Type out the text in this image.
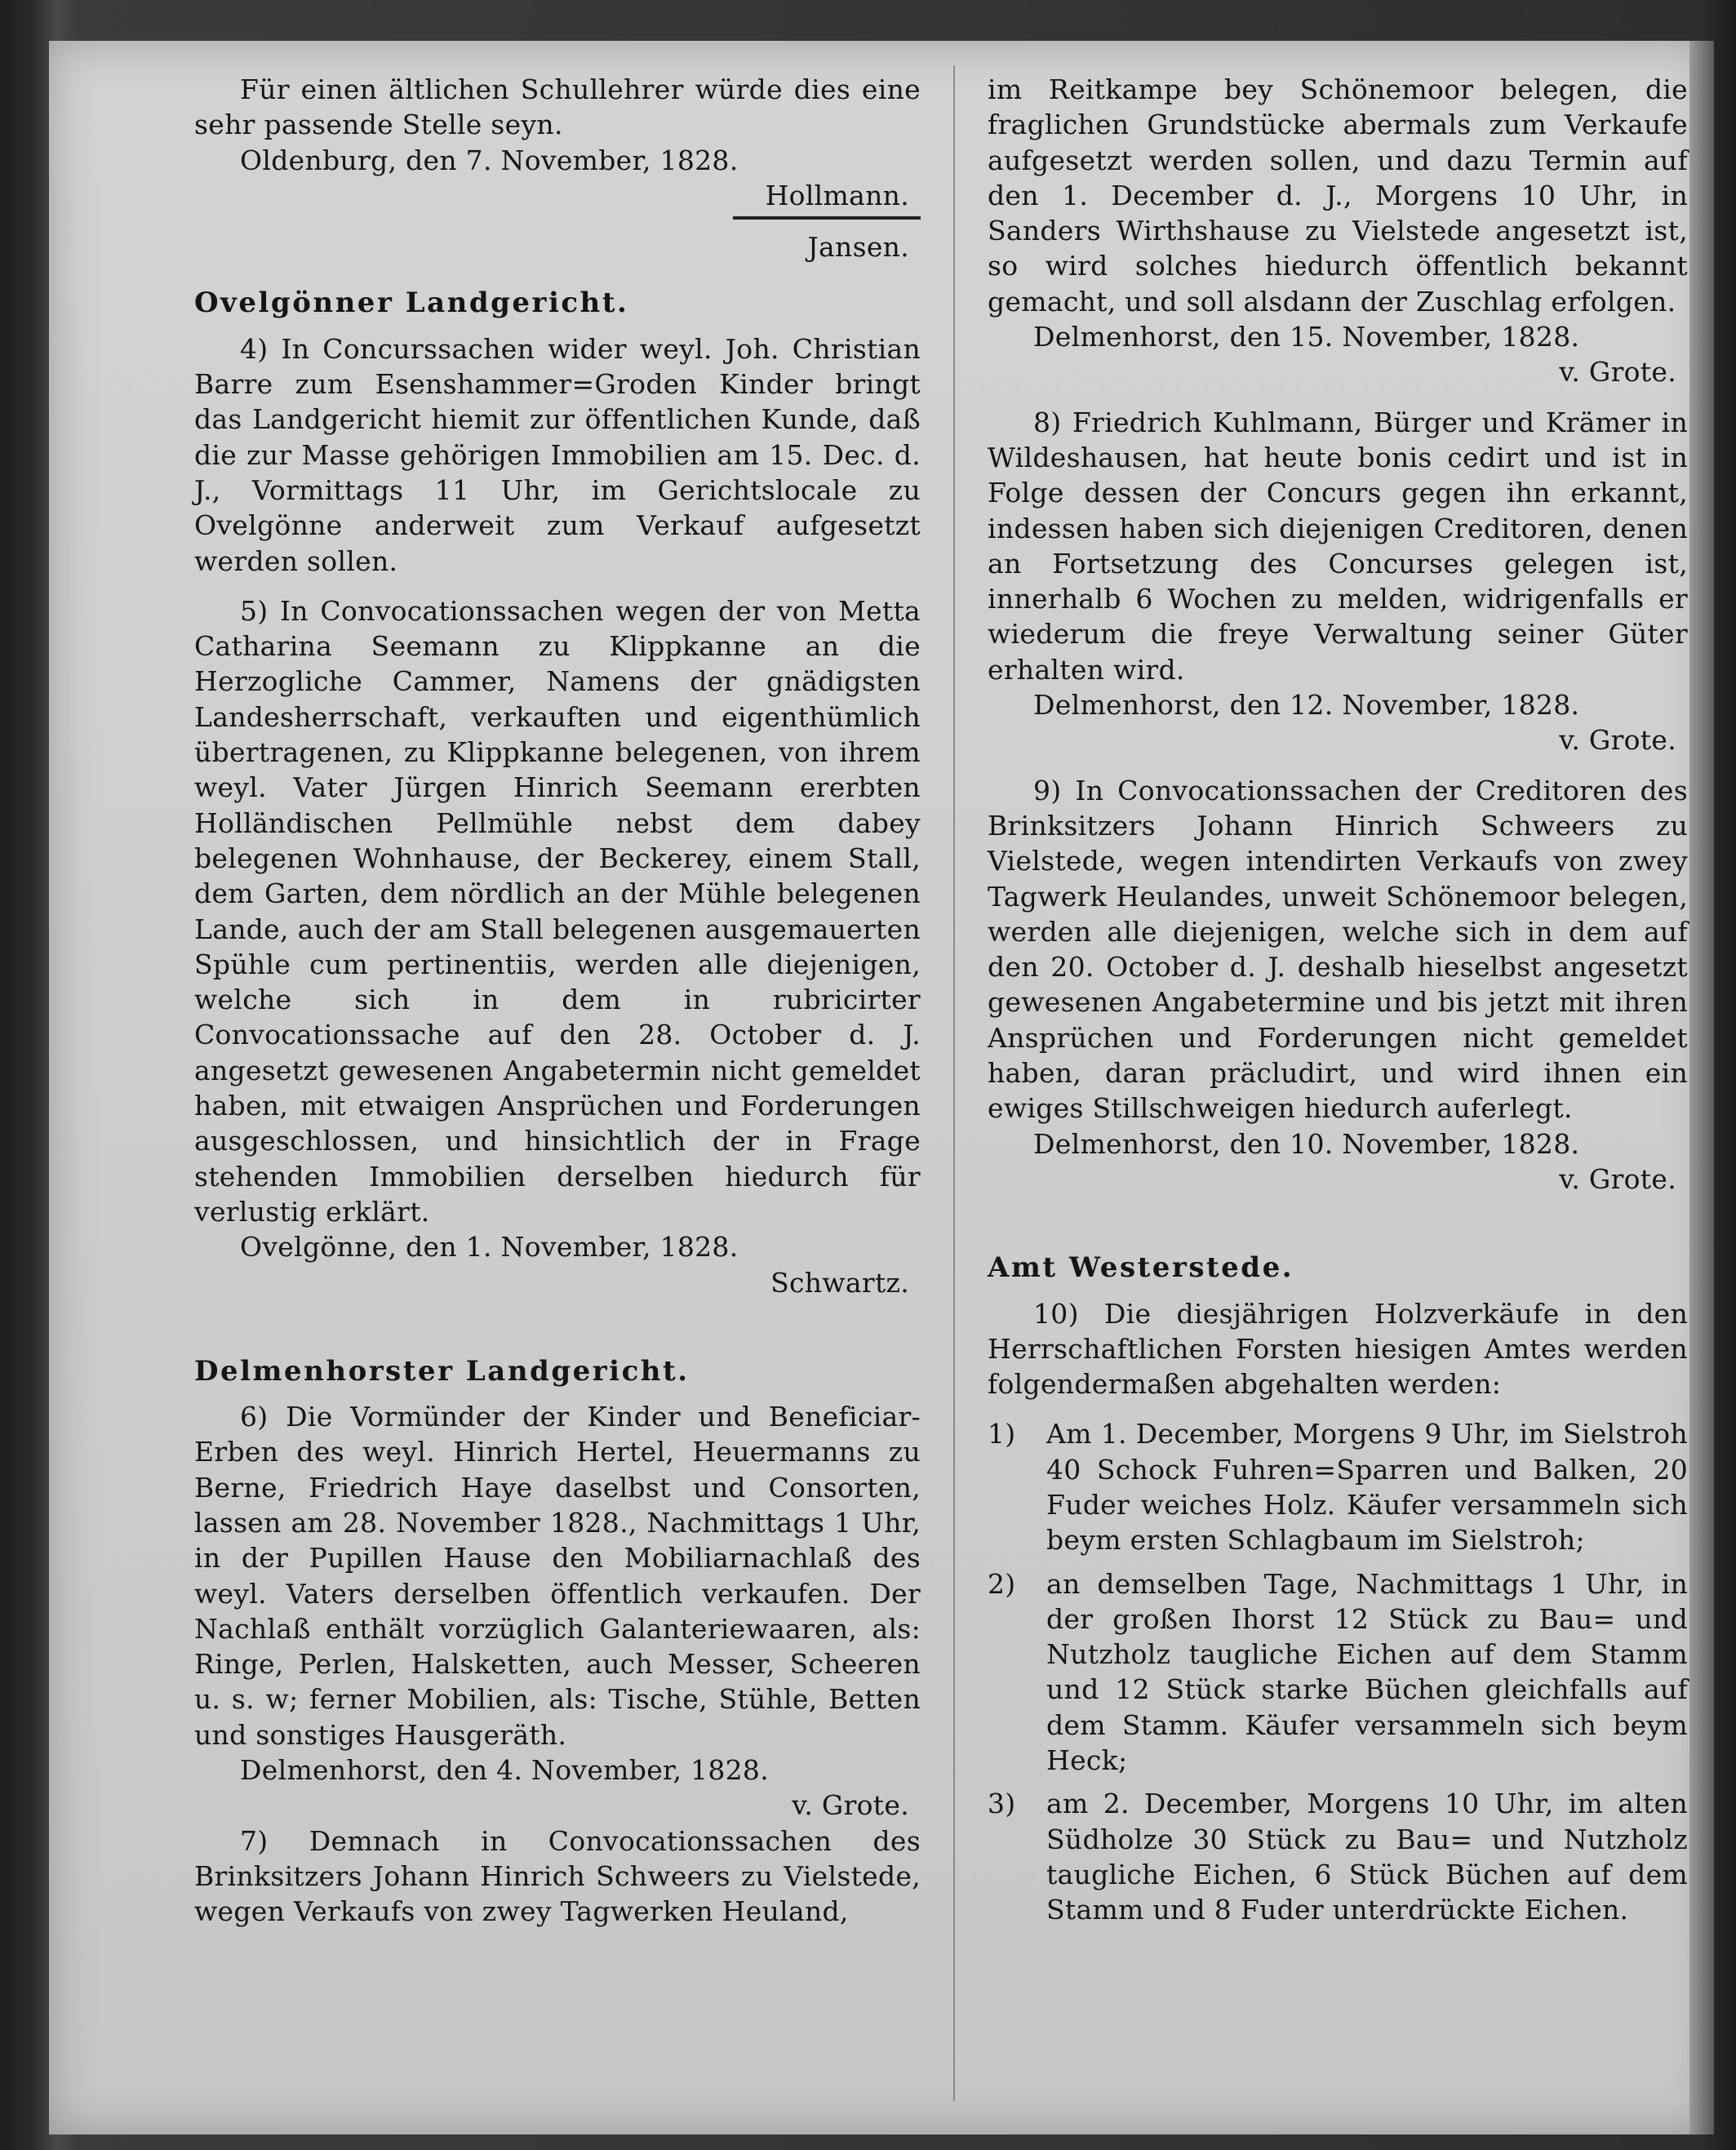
Für einen ältlichen Schullehrer würde dies eine sehr passende Stelle seyn.

Oldenburg, den 7. November, 1828.

Hollmann.

Jansen.

Ovelgönner Landgericht.

4) In Concurssachen wider weyl. Joh. Christian Barre zum Esenshammer=Groden Kinder bringt das Landgericht hiemit zur öffentlichen Kunde, daß die zur Masse gehörigen Immobilien am 15. Dec. d. J., Vormittags 11 Uhr, im Gerichtslocale zu Ovelgönne anderweit zum Verkauf aufgesetzt werden sollen.

5) In Convocationssachen wegen der von Metta Catharina Seemann zu Klippkanne an die Herzogliche Cammer, Namens der gnädigsten Landesherrschaft, verkauften und eigenthümlich übertragenen, zu Klippkanne belegenen, von ihrem weyl. Vater Jürgen Hinrich Seemann ererbten Holländischen Pellmühle nebst dem dabey belegenen Wohnhause, der Beckerey, einem Stall, dem Garten, dem nördlich an der Mühle belegenen Lande, auch der am Stall belegenen ausgemauerten Spühle cum pertinentiis, werden alle diejenigen, welche sich in dem in rubricirter Convocationssache auf den 28. October d. J. angesetzt gewesenen Angabetermin nicht gemeldet haben, mit etwaigen Ansprüchen und Forderungen ausgeschlossen, und hinsichtlich der in Frage stehenden Immobilien derselben hiedurch für verlustig erklärt.

Ovelgönne, den 1. November, 1828.

Schwartz.

Delmenhorster Landgericht.

6) Die Vormünder der Kinder und Beneficiar-Erben des weyl. Hinrich Hertel, Heuermanns zu Berne, Friedrich Haye daselbst und Consorten, lassen am 28. November 1828., Nachmittags 1 Uhr, in der Pupillen Hause den Mobiliarnachlaß des weyl. Vaters derselben öffentlich verkaufen. Der Nachlaß enthält vorzüglich Galanteriewaaren, als: Ringe, Perlen, Halsketten, auch Messer, Scheeren u. s. w; ferner Mobilien, als: Tische, Stühle, Betten und sonstiges Hausgeräth.

Delmenhorst, den 4. November, 1828.

v. Grote.

7) Demnach in Convocationssachen des Brinksitzers Johann Hinrich Schweers zu Vielstede, wegen Verkaufs von zwey Tagwerken Heuland,

im Reitkampe bey Schönemoor belegen, die fraglichen Grundstücke abermals zum Verkaufe aufgesetzt werden sollen, und dazu Termin auf den 1. December d. J., Morgens 10 Uhr, in Sanders Wirthshause zu Vielstede angesetzt ist, so wird solches hiedurch öffentlich bekannt gemacht, und soll alsdann der Zuschlag erfolgen.

Delmenhorst, den 15. November, 1828.

v. Grote.

8) Friedrich Kuhlmann, Bürger und Krämer in Wildeshausen, hat heute bonis cedirt und ist in Folge dessen der Concurs gegen ihn erkannt, indessen haben sich diejenigen Creditoren, denen an Fortsetzung des Concurses gelegen ist, innerhalb 6 Wochen zu melden, widrigenfalls er wiederum die freye Verwaltung seiner Güter erhalten wird.

Delmenhorst, den 12. November, 1828.

v. Grote.

9) In Convocationssachen der Creditoren des Brinksitzers Johann Hinrich Schweers zu Vielstede, wegen intendirten Verkaufs von zwey Tagwerk Heulandes, unweit Schönemoor belegen, werden alle diejenigen, welche sich in dem auf den 20. October d. J. deshalb hieselbst angesetzt gewesenen Angabetermine und bis jetzt mit ihren Ansprüchen und Forderungen nicht gemeldet haben, daran präcludirt, und wird ihnen ein ewiges Stillschweigen hiedurch auferlegt.

Delmenhorst, den 10. November, 1828.

v. Grote.

Amt Westerstede.

10) Die diesjährigen Holzverkäufe in den Herrschaftlichen Forsten hiesigen Amtes werden folgendermaßen abgehalten werden:

1)	Am 1. December, Morgens 9 Uhr, im Sielstroh 40 Schock Fuhren=Sparren und Balken, 20 Fuder weiches Holz. Käufer versammeln sich beym ersten Schlagbaum im Sielstroh;
2)	an demselben Tage, Nachmittags 1 Uhr, in der großen Ihorst 12 Stück zu Bau= und Nutzholz taugliche Eichen auf dem Stamm und 12 Stück starke Büchen gleichfalls auf dem Stamm. Käufer versammeln sich beym Heck;
3)	am 2. December, Morgens 10 Uhr, im alten Südholze 30 Stück zu Bau= und Nutzholz taugliche Eichen, 6 Stück Büchen auf dem Stamm und 8 Fuder unterdrückte Eichen.
